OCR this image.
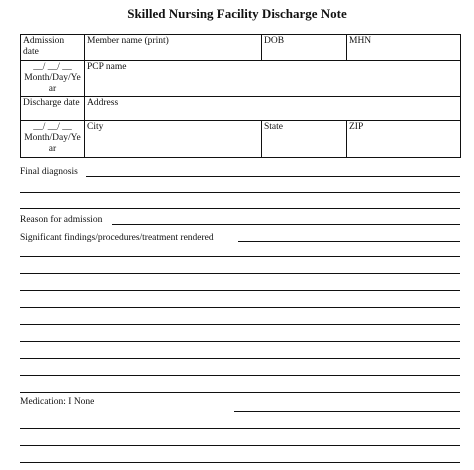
Skilled Nursing Facility Discharge Note
Admission date	Member name (print)	DOB	MHN
__/ __/ __ Month/Day/Ye ar	PCP name		
Discharge date	Address		
__/ __/ __ Month/Day/Ye ar	City	State	ZIP
Final diagnosis
Reason for admission
Significant findings/procedures/treatment rendered
Medication: I None
